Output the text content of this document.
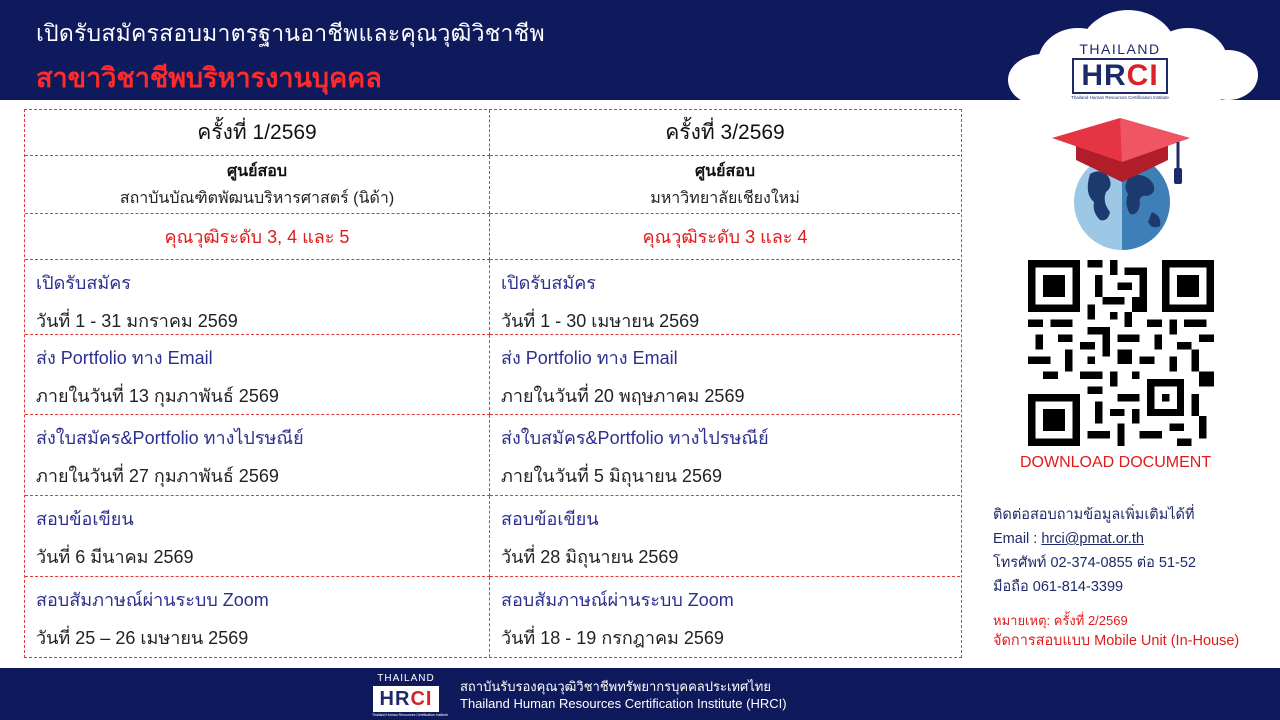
เปิดรับสมัครสอบมาตรฐานอาชีพและคุณวุฒิวิชาชีพ
สาขาวิชาชีพบริหารงานบุคคล
THAILAND
HR CI
Thailand Human Resources Certification Institute
ครั้งที่ 1/2569	ครั้งที่ 3/2569
ศูนย์สอบ
สถาบันบัณฑิตพัฒนบริหารศาสตร์ (นิด้า)
ศูนย์สอบ
มหาวิทยาลัยเชียงใหม่
คุณวุฒิระดับ 3, 4 และ 5	คุณวุฒิระดับ 3 และ 4
เปิดรับสมัคร
วันที่ 1 - 31 มกราคม 2569
ส่ง Portfolio ทาง Email
ภายในวันที่ 13 กุมภาพันธ์ 2569
ส่งใบสมัคร&Portfolio ทางไปรษณีย์
ภายในวันที่ 27 กุมภาพันธ์ 2569
สอบข้อเขียน
วันที่ 6 มีนาคม 2569
สอบสัมภาษณ์ผ่านระบบ Zoom
วันที่ 25 – 26 เมษายน 2569
เปิดรับสมัคร
วันที่ 1 - 30 เมษายน 2569
ส่ง Portfolio ทาง Email
ภายในวันที่ 20 พฤษภาคม 2569
ส่งใบสมัคร&Portfolio ทางไปรษณีย์
ภายในวันที่ 5 มิถุนายน 2569
สอบข้อเขียน
วันที่ 28 มิถุนายน 2569
สอบสัมภาษณ์ผ่านระบบ Zoom
วันที่ 18 - 19 กรกฎาคม 2569
DOWNLOAD DOCUMENT
ติดต่อสอบถามข้อมูลเพิ่มเติมได้ที่
Email : hrci@pmat.or.th
โทรศัพท์ 02-374-0855 ต่อ 51-52
มือถือ 061-814-3399
หมายเหตุ: ครั้งที่ 2/2569
จัดการสอบแบบ Mobile Unit (In-House)
THAILAND
HR CI
Thailand Human Resources Certification Institute
สถาบันรับรองคุณวุฒิวิชาชีพทรัพยากรบุคคลประเทศไทย
Thailand Human Resources Certification Institute (HRCI)
